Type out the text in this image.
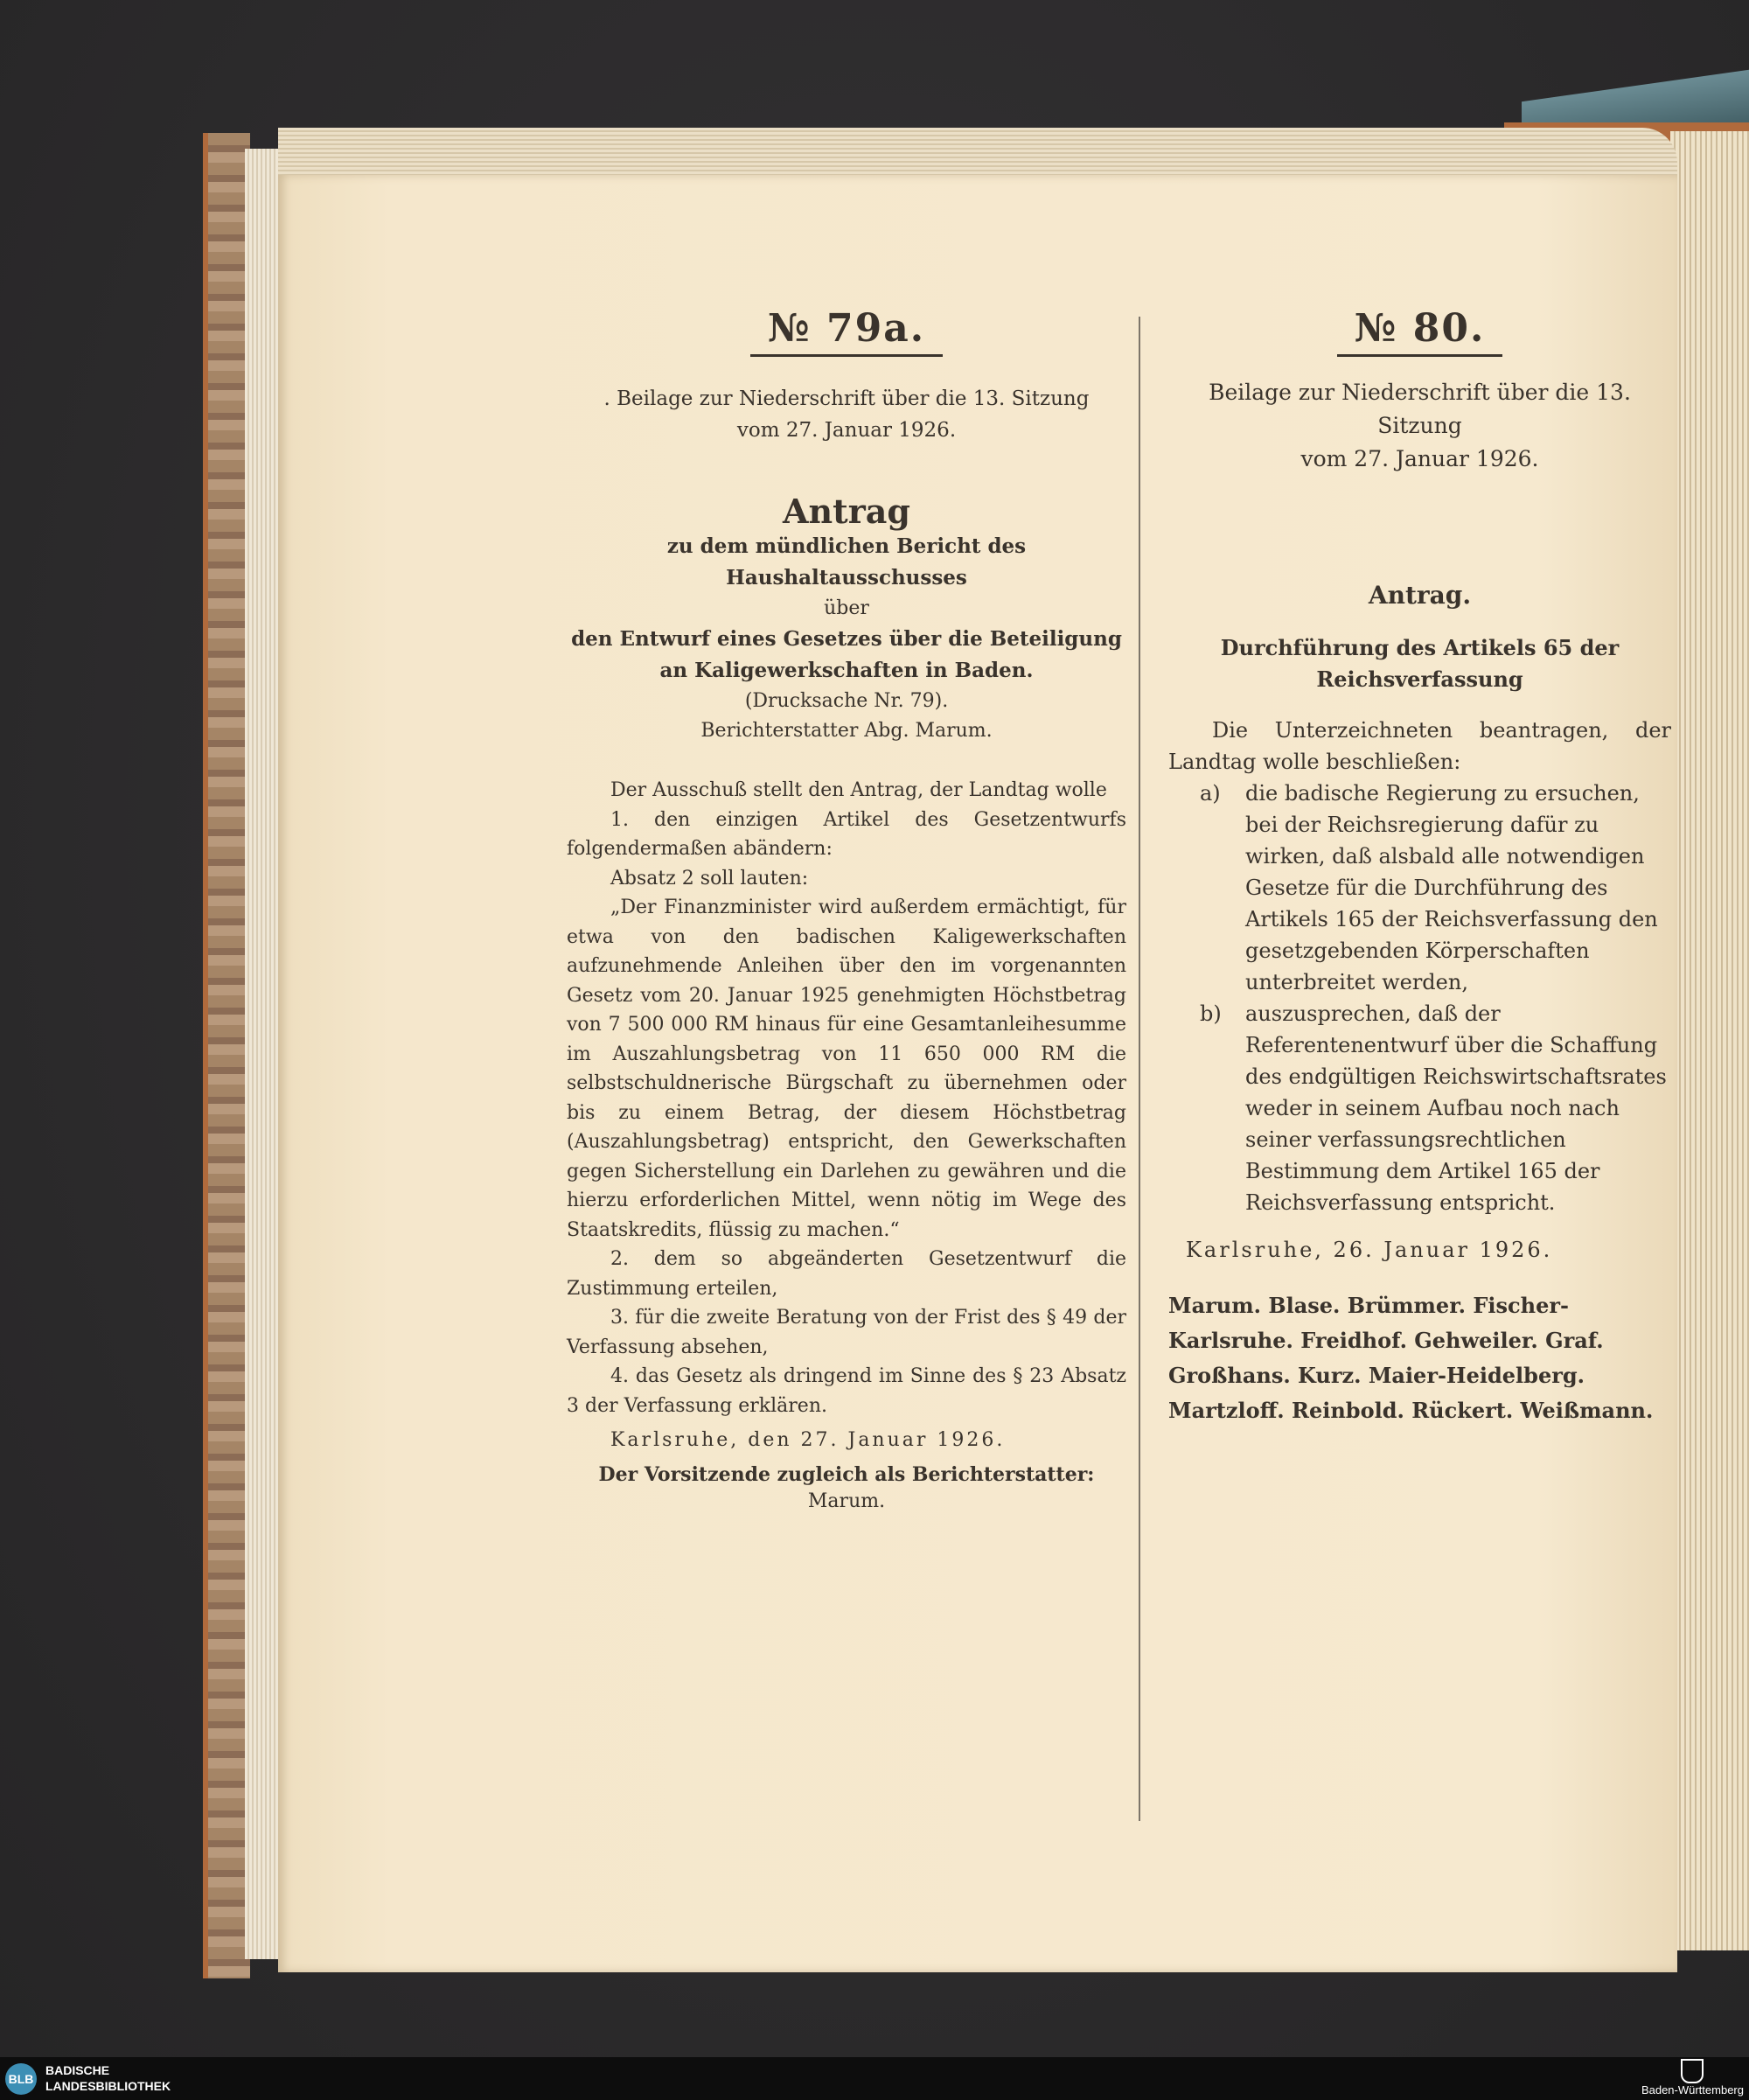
№ 79a.

. Beilage zur Niederschrift über die 13. Sitzung
vom 27. Januar 1926.
Antrag
zu dem mündlichen Bericht des Haushaltausschusses
über
den Entwurf eines Gesetzes über die Beteiligung
an Kaligewerkschaften in Baden.
(Drucksache Nr. 79).
Berichterstatter Abg. Marum.
Der Ausschuß stellt den Antrag, der Landtag wolle
1. den einzigen Artikel des Gesetzentwurfs folgendermaßen abändern:
Absatz 2 soll lauten:
„Der Finanzminister wird außerdem ermächtigt, für etwa von den badischen Kaligewerkschaften aufzunehmende Anleihen über den im vorgenannten Gesetz vom 20. Januar 1925 genehmigten Höchstbetrag von 7 500 000 RM hinaus für eine Gesamtanleihesumme im Auszahlungsbetrag von 11 650 000 RM die selbstschuldnerische Bürgschaft zu übernehmen oder bis zu einem Betrag, der diesem Höchstbetrag (Auszahlungsbetrag) entspricht, den Gewerkschaften gegen Sicherstellung ein Darlehen zu gewähren und die hierzu erforderlichen Mittel, wenn nötig im Wege des Staatskredits, flüssig zu machen.“
2. dem so abgeänderten Gesetzentwurf die Zustimmung erteilen,
3. für die zweite Beratung von der Frist des § 49 der Verfassung absehen,
4. das Gesetz als dringend im Sinne des § 23 Absatz 3 der Verfassung erklären.
Karlsruhe, den 27. Januar 1926.
Der Vorsitzende zugleich als Berichterstatter:
Marum.

№ 80.

Beilage zur Niederschrift über die 13. Sitzung
vom 27. Januar 1926.
Antrag.
Durchführung des Artikels 65 der Reichsverfassung
Die Unterzeichneten beantragen, der Landtag wolle beschließen:
a)	die badische Regierung zu ersuchen, bei der Reichsregierung dafür zu wirken, daß alsbald alle notwendigen Gesetze für die Durchführung des Artikels 165 der Reichsverfassung den gesetzgebenden Körperschaften unterbreitet werden,
b)	auszusprechen, daß der Referentenentwurf über die Schaffung des endgültigen Reichswirtschaftsrates weder in seinem Aufbau noch nach seiner verfassungsrechtlichen Bestimmung dem Artikel 165 der Reichsverfassung entspricht.
Karlsruhe, 26. Januar 1926.
Marum. Blase. Brümmer. Fischer-Karlsruhe. Freidhof. Gehweiler. Graf. Großhans. Kurz. Maier-Heidelberg. Martzloff. Reinbold. Rückert. Weißmann.
BLB
BADISCHE
LANDESBIBLIOTHEK	Baden-Württemberg
